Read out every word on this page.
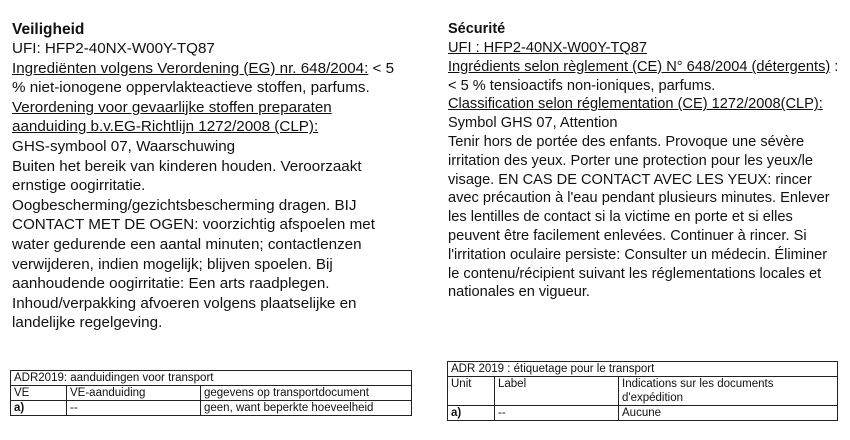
Veiligheid

UFI: HFP2-40NX-W00Y-TQ87

Ingrediënten volgens Verordening (EG) nr. 648/2004: < 5 % niet-ionogene oppervlakteactieve stoffen, parfums.

Verordening voor gevaarlijke stoffen preparaten aanduiding b.v.EG-Richtlijn 1272/2008 (CLP):

GHS-symbool 07, Waarschuwing

Buiten het bereik van kinderen houden. Veroorzaakt ernstige oogirritatie. Oogbescherming/gezichtsbescherming dragen. BIJ CONTACT MET DE OGEN: voorzichtig afspoelen met water gedurende een aantal minuten; contactlenzen verwijderen, indien mogelijk; blijven spoelen. Bij aanhoudende oogirritatie: Een arts raadplegen. Inhoud/verpakking afvoeren volgens plaatselijke en landelijke regelgeving.

ADR2019: aanduidingen voor transport		
VE	VE-aanduiding	gegevens op transportdocument
a)	--	geen, want beperkte hoeveelheid
Sécurité

UFI : HFP2-40NX-W00Y-TQ87

Ingrédients selon règlement (CE) N° 648/2004 (détergents) : < 5 % tensioactifs non-ioniques, parfums.

Classification selon réglementation (CE) 1272/2008(CLP):

Symbol GHS 07, Attention

Tenir hors de portée des enfants. Provoque une sévère irritation des yeux. Porter une protection pour les yeux/le visage. EN CAS DE CONTACT AVEC LES YEUX: rincer avec précaution à l'eau pendant plusieurs minutes. Enlever les lentilles de contact si la victime en porte et si elles peuvent être facilement enlevées. Continuer à rincer. Si l'irritation oculaire persiste: Consulter un médecin. Éliminer le contenu/récipient suivant les réglementations locales et nationales en vigueur.

ADR 2019 : étiquetage pour le transport		
Unit	Label	Indications sur les documents d'expédition
a)	--	Aucune
